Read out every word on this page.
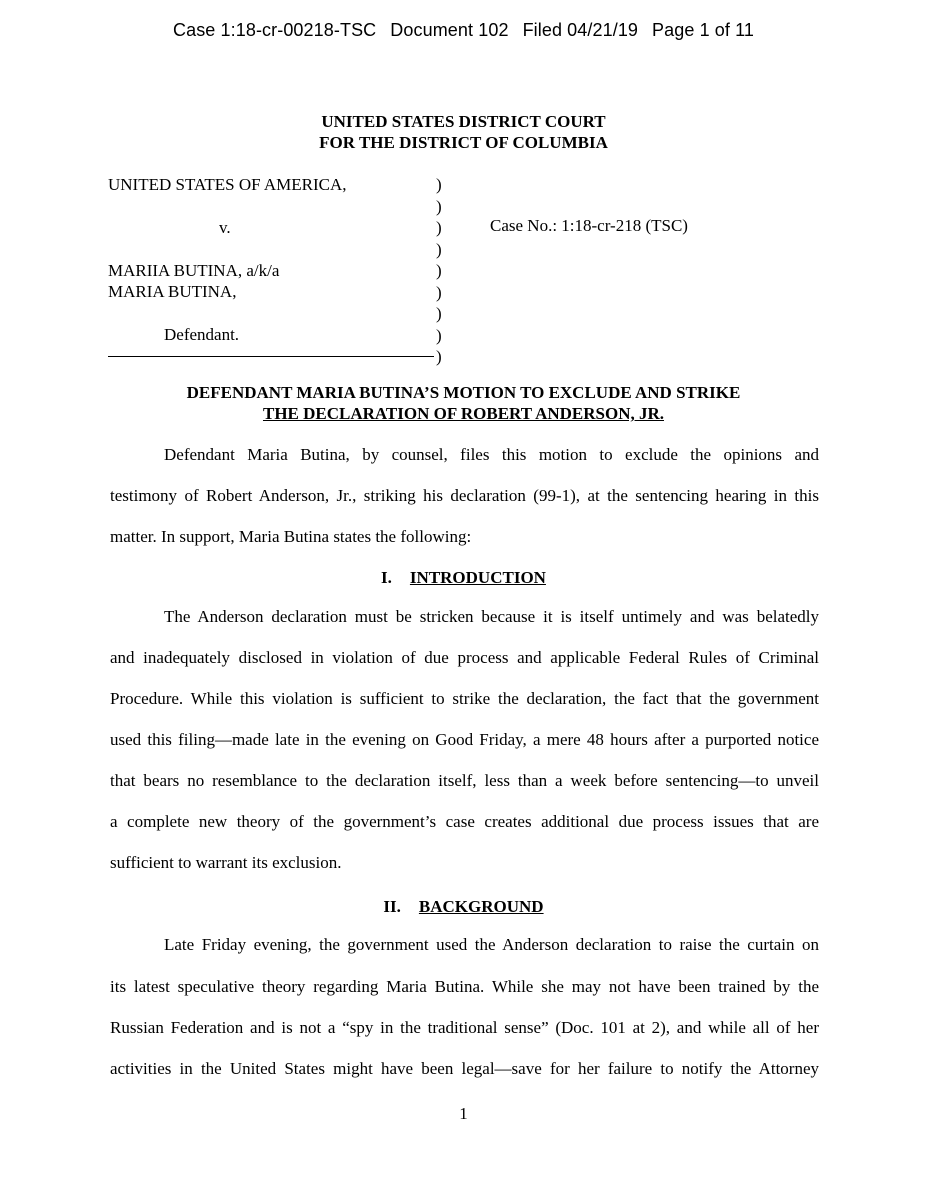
Case 1:18-cr-00218-TSC Document 102 Filed 04/21/19 Page 1 of 11
UNITED STATES DISTRICT COURT
FOR THE DISTRICT OF COLUMBIA
UNITED STATES OF AMERICA,
v.
MARIIA BUTINA, a/k/a
MARIA BUTINA,
Defendant.
)
)
)
)
)
)
)
)
)
Case No.: 1:18-cr-218 (TSC)
DEFENDANT MARIA BUTINA’S MOTION TO EXCLUDE AND STRIKE
THE DECLARATION OF ROBERT ANDERSON, JR.
Defendant Maria Butina, by counsel, files this motion to exclude the opinions and
testimony of Robert Anderson, Jr., striking his declaration (99-1), at the sentencing hearing in this
matter. In support, Maria Butina states the following:
I. INTRODUCTION
The Anderson declaration must be stricken because it is itself untimely and was belatedly
and inadequately disclosed in violation of due process and applicable Federal Rules of Criminal
Procedure. While this violation is sufficient to strike the declaration, the fact that the government
used this filing—made late in the evening on Good Friday, a mere 48 hours after a purported notice
that bears no resemblance to the declaration itself, less than a week before sentencing—to unveil
a complete new theory of the government’s case creates additional due process issues that are
sufficient to warrant its exclusion.
II. BACKGROUND
Late Friday evening, the government used the Anderson declaration to raise the curtain on
its latest speculative theory regarding Maria Butina. While she may not have been trained by the
Russian Federation and is not a “spy in the traditional sense” (Doc. 101 at 2), and while all of her
activities in the United States might have been legal—save for her failure to notify the Attorney
1
